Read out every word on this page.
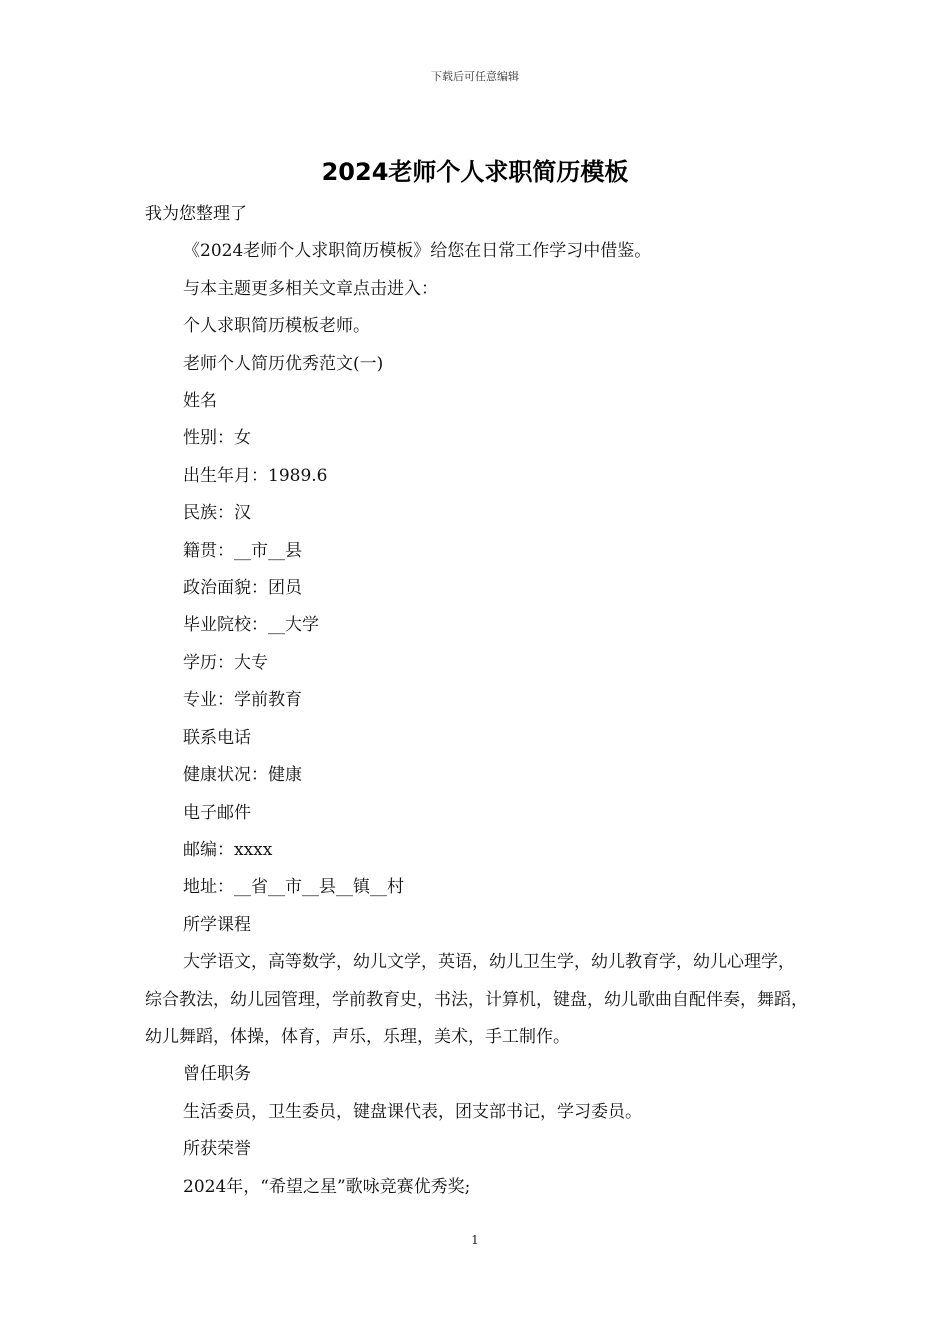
下载后可任意编辑
2024老师个人求职简历模板

我为您整理了

《2024老师个人求职简历模板》给您在日常工作学习中借鉴。

与本主题更多相关文章点击进入：

个人求职简历模板老师。

老师个人简历优秀范文(一)

姓名

性别：女

出生年月：1989.6

民族：汉

籍贯：__市__县

政治面貌：团员

毕业院校：__大学

学历：大专

专业：学前教育

联系电话

健康状况：健康

电子邮件

邮编：xxxx

地址：__省__市__县__镇__村

所学课程

大学语文，高等数学，幼儿文学，英语，幼儿卫生学，幼儿教育学，幼儿心理学，综合教法，幼儿园管理，学前教育史，书法，计算机，键盘，幼儿歌曲自配伴奏，舞蹈，幼儿舞蹈，体操，体育，声乐，乐理，美术，手工制作。

曾任职务

生活委员，卫生委员，键盘课代表，团支部书记，学习委员。

所获荣誉

2024年，“希望之星”歌咏竞赛优秀奖;

1
